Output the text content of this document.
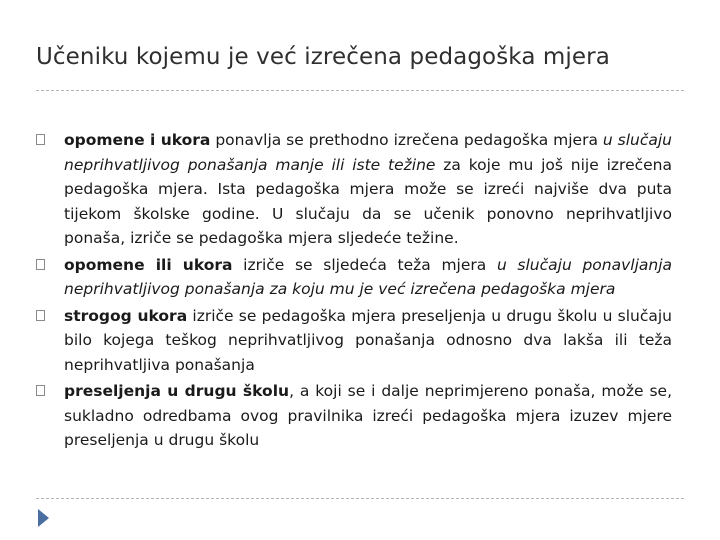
Učeniku kojemu je već izrečena pedagoška mjera
opomene i ukora ponavlja se prethodno izrečena pedagoška mjera u slučaju neprihvatljivog ponašanja manje ili iste težine za koje mu još nije izrečena pedagoška mjera. Ista pedagoška mjera može se izreći najviše dva puta tijekom školske godine. U slučaju da se učenik ponovno neprihvatljivo ponaša, izriče se pedagoška mjera sljedeće težine.
opomene ili ukora izriče se sljedeća teža mjera u slučaju ponavljanja neprihvatljivog ponašanja za koju mu je već izrečena pedagoška mjera
strogog ukora izriče se pedagoška mjera preseljenja u drugu školu u slučaju bilo kojega teškog neprihvatljivog ponašanja odnosno dva lakša ili teža neprihvatljiva ponašanja
preseljenja u drugu školu, a koji se i dalje neprimjereno ponaša, može se, sukladno odredbama ovog pravilnika izreći pedagoška mjera izuzev mjere preseljenja u drugu školu
